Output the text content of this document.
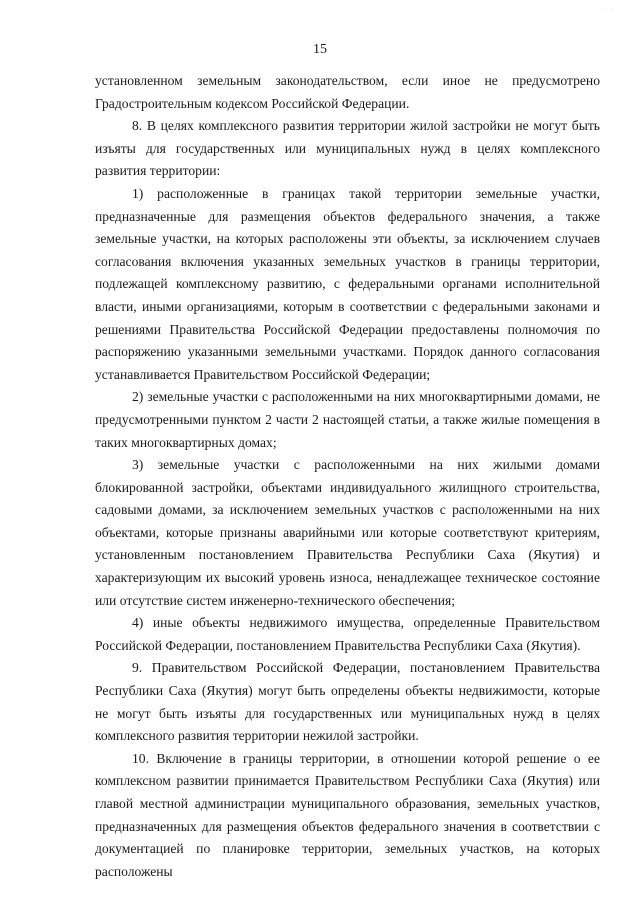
. .
15

установленном земельным законодательством, если иное не предусмотрено Градостроительным кодексом Российской Федерации.

8. В целях комплексного развития территории жилой застройки не могут быть изъяты для государственных или муниципальных нужд в целях комплексного развития территории:

1) расположенные в границах такой территории земельные участки, предназначенные для размещения объектов федерального значения, а также земельные участки, на которых расположены эти объекты, за исключением случаев согласования включения указанных земельных участков в границы территории, подлежащей комплексному развитию, с федеральными органами исполнительной власти, иными организациями, которым в соответствии с федеральными законами и решениями Правительства Российской Федерации предоставлены полномочия по распоряжению указанными земельными участками. Порядок данного согласования устанавливается Правительством Российской Федерации;

2) земельные участки с расположенными на них многоквартирными домами, не предусмотренными пунктом 2 части 2 настоящей статьи, а также жилые помещения в таких многоквартирных домах;

3) земельные участки с расположенными на них жилыми домами блокированной застройки, объектами индивидуального жилищного строительства, садовыми домами, за исключением земельных участков с расположенными на них объектами, которые признаны аварийными или которые соответствуют критериям, установленным постановлением Правительства Республики Саха (Якутия) и характеризующим их высокий уровень износа, ненадлежащее техническое состояние или отсутствие систем инженерно-технического обеспечения;

4) иные объекты недвижимого имущества, определенные Правительством Российской Федерации, постановлением Правительства Республики Саха (Якутия).

9. Правительством Российской Федерации, постановлением Правительства Республики Саха (Якутия) могут быть определены объекты недвижимости, которые не могут быть изъяты для государственных или муниципальных нужд в целях комплексного развития территории нежилой застройки.

10. Включение в границы территории, в отношении которой решение о ее комплексном развитии принимается Правительством Республики Саха (Якутия) или главой местной администрации муниципального образования, земельных участков, предназначенных для размещения объектов федерального значения в соответствии с документацией по планировке территории, земельных участков, на которых расположены
